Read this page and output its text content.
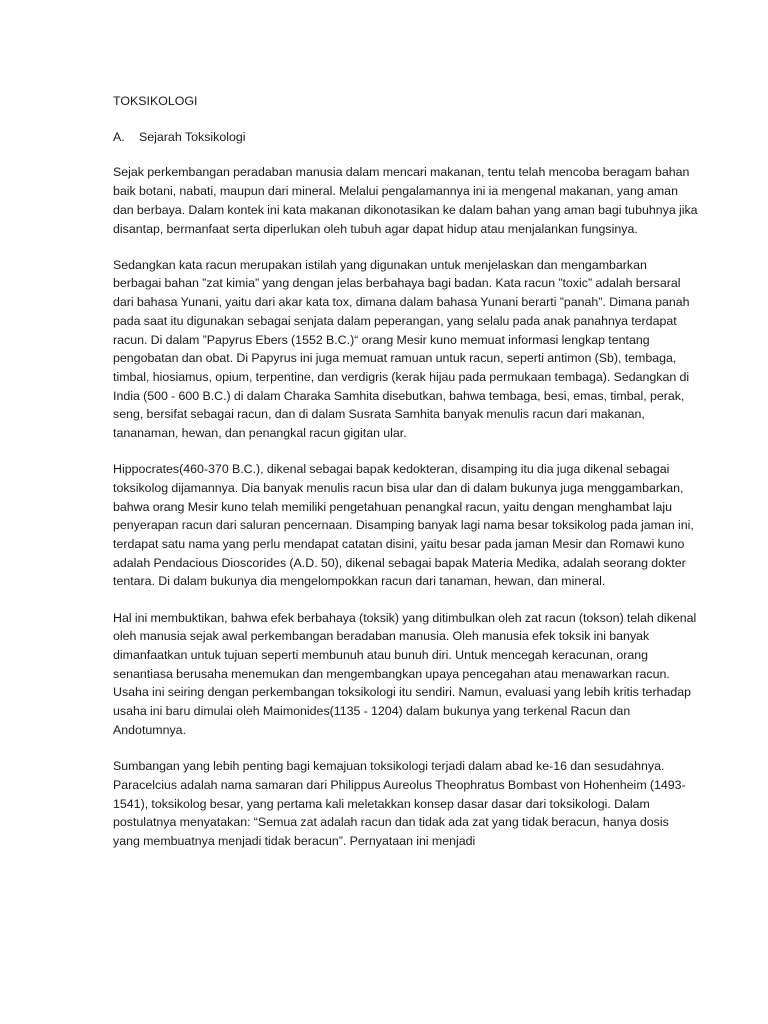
TOKSIKOLOGI
A. Sejarah Toksikologi

Sejak perkembangan peradaban manusia dalam mencari makanan, tentu telah mencoba beragam bahan baik botani, nabati, maupun dari mineral. Melalui pengalamannya ini ia mengenal makanan, yang aman dan berbaya. Dalam kontek ini kata makanan dikonotasikan ke dalam bahan yang aman bagi tubuhnya jika disantap, bermanfaat serta diperlukan oleh tubuh agar dapat hidup atau menjalankan fungsinya.

Sedangkan kata racun merupakan istilah yang digunakan untuk menjelaskan dan mengambarkan berbagai bahan ”zat kimia” yang dengan jelas berbahaya bagi badan. Kata racun ”toxic” adalah bersaral dari bahasa Yunani, yaitu dari akar kata tox, dimana dalam bahasa Yunani berarti ”panah”. Dimana panah pada saat itu digunakan sebagai senjata dalam peperangan, yang selalu pada anak panahnya terdapat racun. Di dalam ”Papyrus Ebers (1552 B.C.)“ orang Mesir kuno memuat informasi lengkap tentang pengobatan dan obat. Di Papyrus ini juga memuat ramuan untuk racun, seperti antimon (Sb), tembaga, timbal, hiosiamus, opium, terpentine, dan verdigris (kerak hijau pada permukaan tembaga). Sedangkan di India (500 - 600 B.C.) di dalam Charaka Samhita disebutkan, bahwa tembaga, besi, emas, timbal, perak, seng, bersifat sebagai racun, dan di dalam Susrata Samhita banyak menulis racun dari makanan, tananaman, hewan, dan penangkal racun gigitan ular.

Hippocrates(460-370 B.C.), dikenal sebagai bapak kedokteran, disamping itu dia juga dikenal sebagai toksikolog dijamannya. Dia banyak menulis racun bisa ular dan di dalam bukunya juga menggambarkan, bahwa orang Mesir kuno telah memiliki pengetahuan penangkal racun, yaitu dengan menghambat laju penyerapan racun dari saluran pencernaan. Disamping banyak lagi nama besar toksikolog pada jaman ini, terdapat satu nama yang perlu mendapat catatan disini, yaitu besar pada jaman Mesir dan Romawi kuno adalah Pendacious Dioscorides (A.D. 50), dikenal sebagai bapak Materia Medika, adalah seorang dokter tentara. Di dalam bukunya dia mengelompokkan racun dari tanaman, hewan, dan mineral.

Hal ini membuktikan, bahwa efek berbahaya (toksik) yang ditimbulkan oleh zat racun (tokson) telah dikenal oleh manusia sejak awal perkembangan beradaban manusia. Oleh manusia efek toksik ini banyak dimanfaatkan untuk tujuan seperti membunuh atau bunuh diri. Untuk mencegah keracunan, orang senantiasa berusaha menemukan dan mengembangkan upaya pencegahan atau menawarkan racun. Usaha ini seiring dengan perkembangan toksikologi itu sendiri. Namun, evaluasi yang lebih kritis terhadap usaha ini baru dimulai oleh Maimonides(1135 - 1204) dalam bukunya yang terkenal Racun dan Andotumnya.

Sumbangan yang lebih penting bagi kemajuan toksikologi terjadi dalam abad ke-16 dan sesudahnya. Paracelcius adalah nama samaran dari Philippus Aureolus Theophratus Bombast von Hohenheim (1493-1541), toksikolog besar, yang pertama kali meletakkan konsep dasar dasar dari toksikologi. Dalam postulatnya menyatakan: “Semua zat adalah racun dan tidak ada zat yang tidak beracun, hanya dosis yang membuatnya menjadi tidak beracun”. Pernyataan ini menjadi
